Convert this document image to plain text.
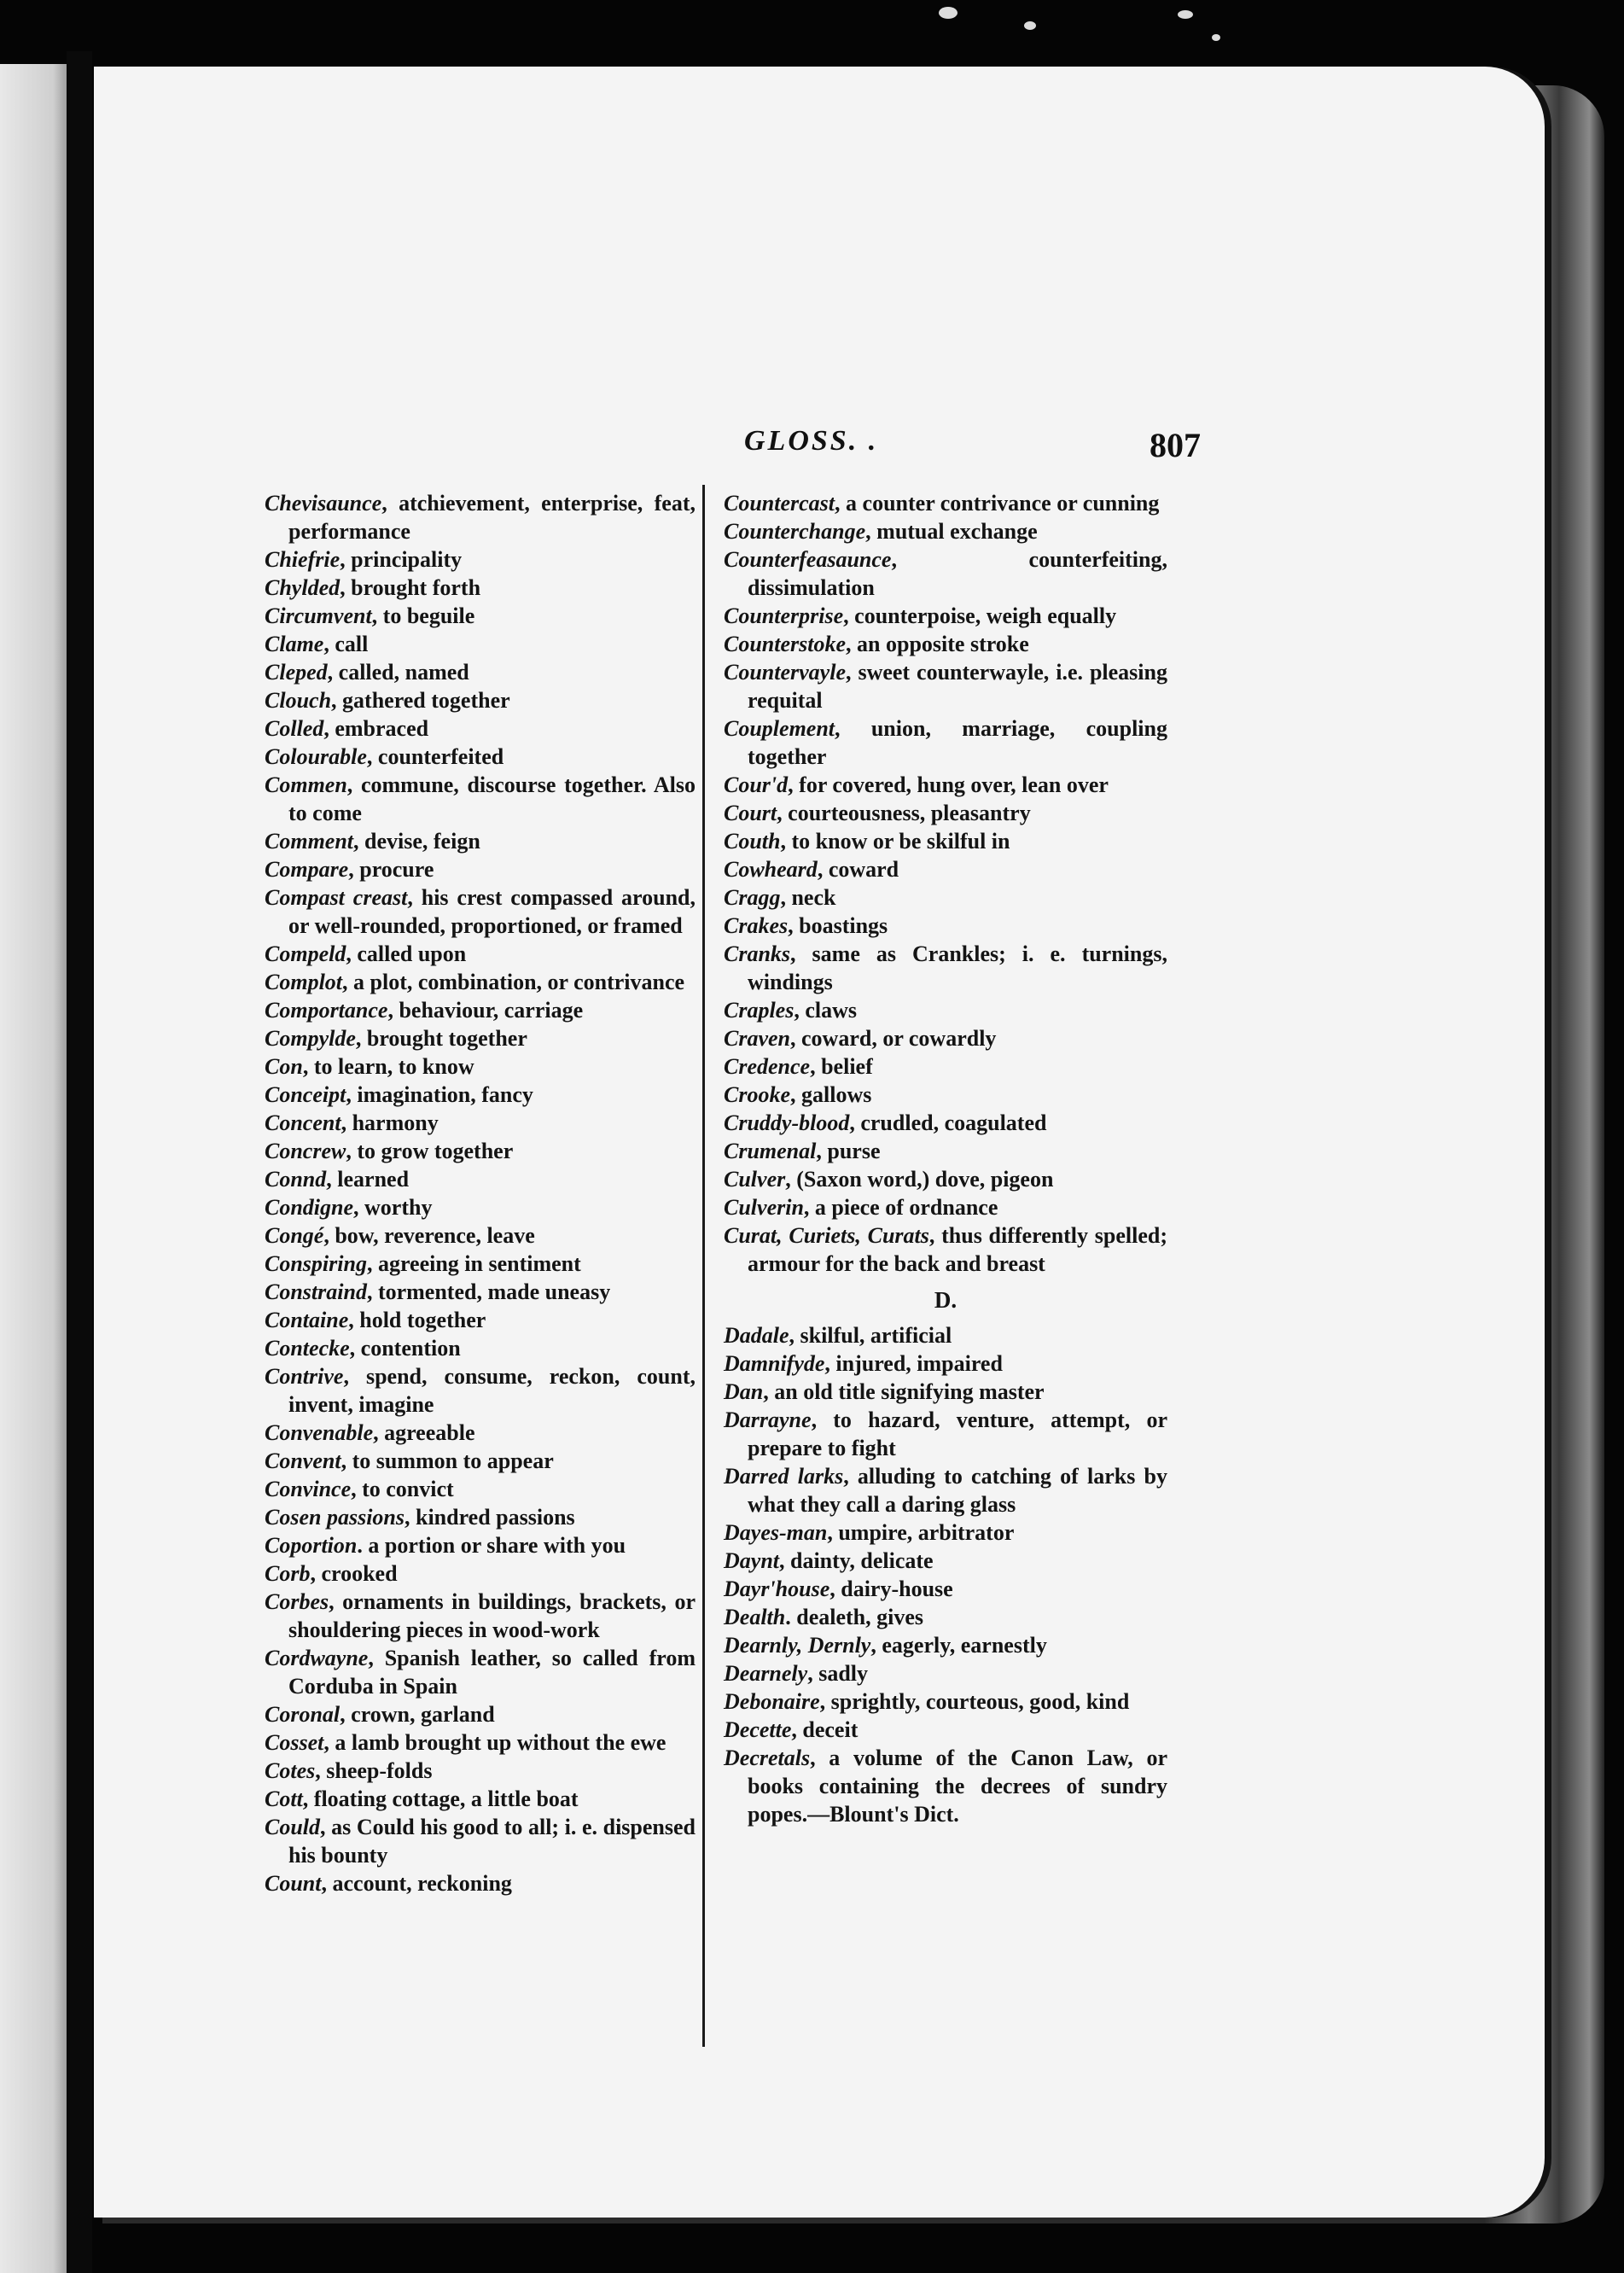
GLOSS. .	807
Chevisaunce, atchievement, enterprise, feat, performance
Chiefrie, principality
Chylded, brought forth
Circumvent, to beguile
Clame, call
Cleped, called, named
Clouch, gathered together
Colled, embraced
Colourable, counterfeited
Commen, commune, discourse together. Also to come
Comment, devise, feign
Compare, procure
Compast creast, his crest compassed around, or well-rounded, proportioned, or framed
Compeld, called upon
Complot, a plot, combination, or contrivance
Comportance, behaviour, carriage
Compylde, brought together
Con, to learn, to know
Conceipt, imagination, fancy
Concent, harmony
Concrew, to grow together
Connd, learned
Condigne, worthy
Congé, bow, reverence, leave
Conspiring, agreeing in sentiment
Constraind, tormented, made uneasy
Containe, hold together
Contecke, contention
Contrive, spend, consume, reckon, count, invent, imagine
Convenable, agreeable
Convent, to summon to appear
Convince, to convict
Cosen passions, kindred passions
Coportion. a portion or share with you
Corb, crooked
Corbes, ornaments in buildings, brackets, or shouldering pieces in wood-work
Cordwayne, Spanish leather, so called from Corduba in Spain
Coronal, crown, garland
Cosset, a lamb brought up without the ewe
Cotes, sheep-folds
Cott, floating cottage, a little boat
Could, as Could his good to all; i. e. dispensed his bounty
Count, account, reckoning
Countercast, a counter contrivance or cunning
Counterchange, mutual exchange
Counterfeasaunce, counterfeiting, dissimulation
Counterprise, counterpoise, weigh equally
Counterstoke, an opposite stroke
Countervayle, sweet counterwayle, i.e. pleasing requital
Couplement, union, marriage, coupling together
Cour'd, for covered, hung over, lean over
Court, courteousness, pleasantry
Couth, to know or be skilful in
Cowheard, coward
Cragg, neck
Crakes, boastings
Cranks, same as Crankles; i. e. turnings, windings
Craples, claws
Craven, coward, or cowardly
Credence, belief
Crooke, gallows
Cruddy-blood, crudled, coagulated
Crumenal, purse
Culver, (Saxon word,) dove, pigeon
Culverin, a piece of ordnance
Curat, Curiets, Curats, thus differently spelled; armour for the back and breast
D.
Dadale, skilful, artificial
Damnifyde, injured, impaired
Dan, an old title signifying master
Darrayne, to hazard, venture, attempt, or prepare to fight
Darred larks, alluding to catching of larks by what they call a daring glass
Dayes-man, umpire, arbitrator
Daynt, dainty, delicate
Dayr'house, dairy-house
Dealth. dealeth, gives
Dearnly, Dernly, eagerly, earnestly
Dearnely, sadly
Debonaire, sprightly, courteous, good, kind
Decette, deceit
Decretals, a volume of the Canon Law, or books containing the decrees of sundry popes.—Blount's Dict.
